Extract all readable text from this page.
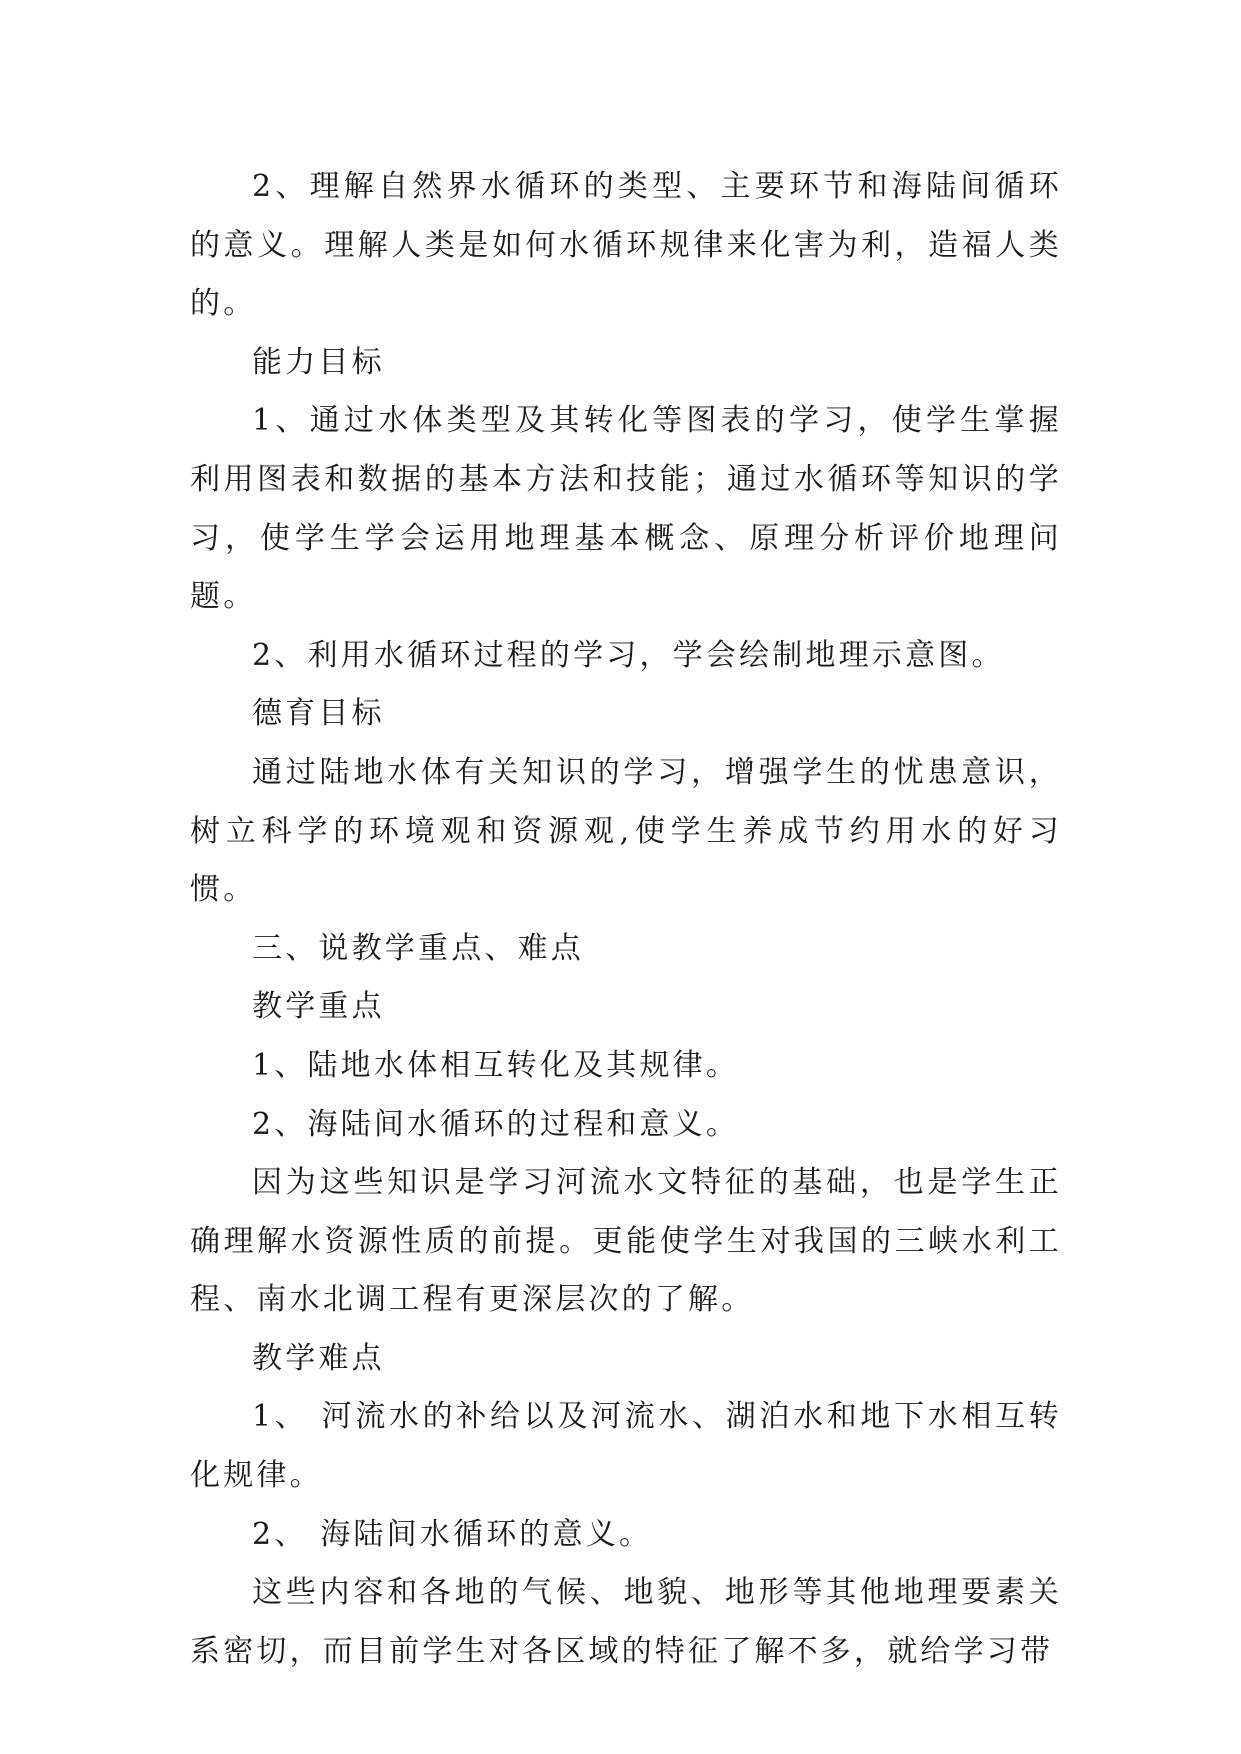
2、理解自然界水循环的类型、主要环节和海陆间循环的意义。理解人类是如何水循环规律来化害为利，造福人类的。

能力目标

1、通过水体类型及其转化等图表的学习，使学生掌握利用图表和数据的基本方法和技能；通过水循环等知识的学习，使学生学会运用地理基本概念、原理分析评价地理问题。

2、利用水循环过程的学习，学会绘制地理示意图。

德育目标

通过陆地水体有关知识的学习，增强学生的忧患意识，树立科学的环境观和资源观,使学生养成节约用水的好习惯。

三、说教学重点、难点

教学重点

1、陆地水体相互转化及其规律。

2、海陆间水循环的过程和意义。

因为这些知识是学习河流水文特征的基础，也是学生正确理解水资源性质的前提。更能使学生对我国的三峡水利工程、南水北调工程有更深层次的了解。

教学难点

1、 河流水的补给以及河流水、湖泊水和地下水相互转化规律。

2、 海陆间水循环的意义。

这些内容和各地的气候、地貌、地形等其他地理要素关系密切，而目前学生对各区域的特征了解不多，就给学习带
